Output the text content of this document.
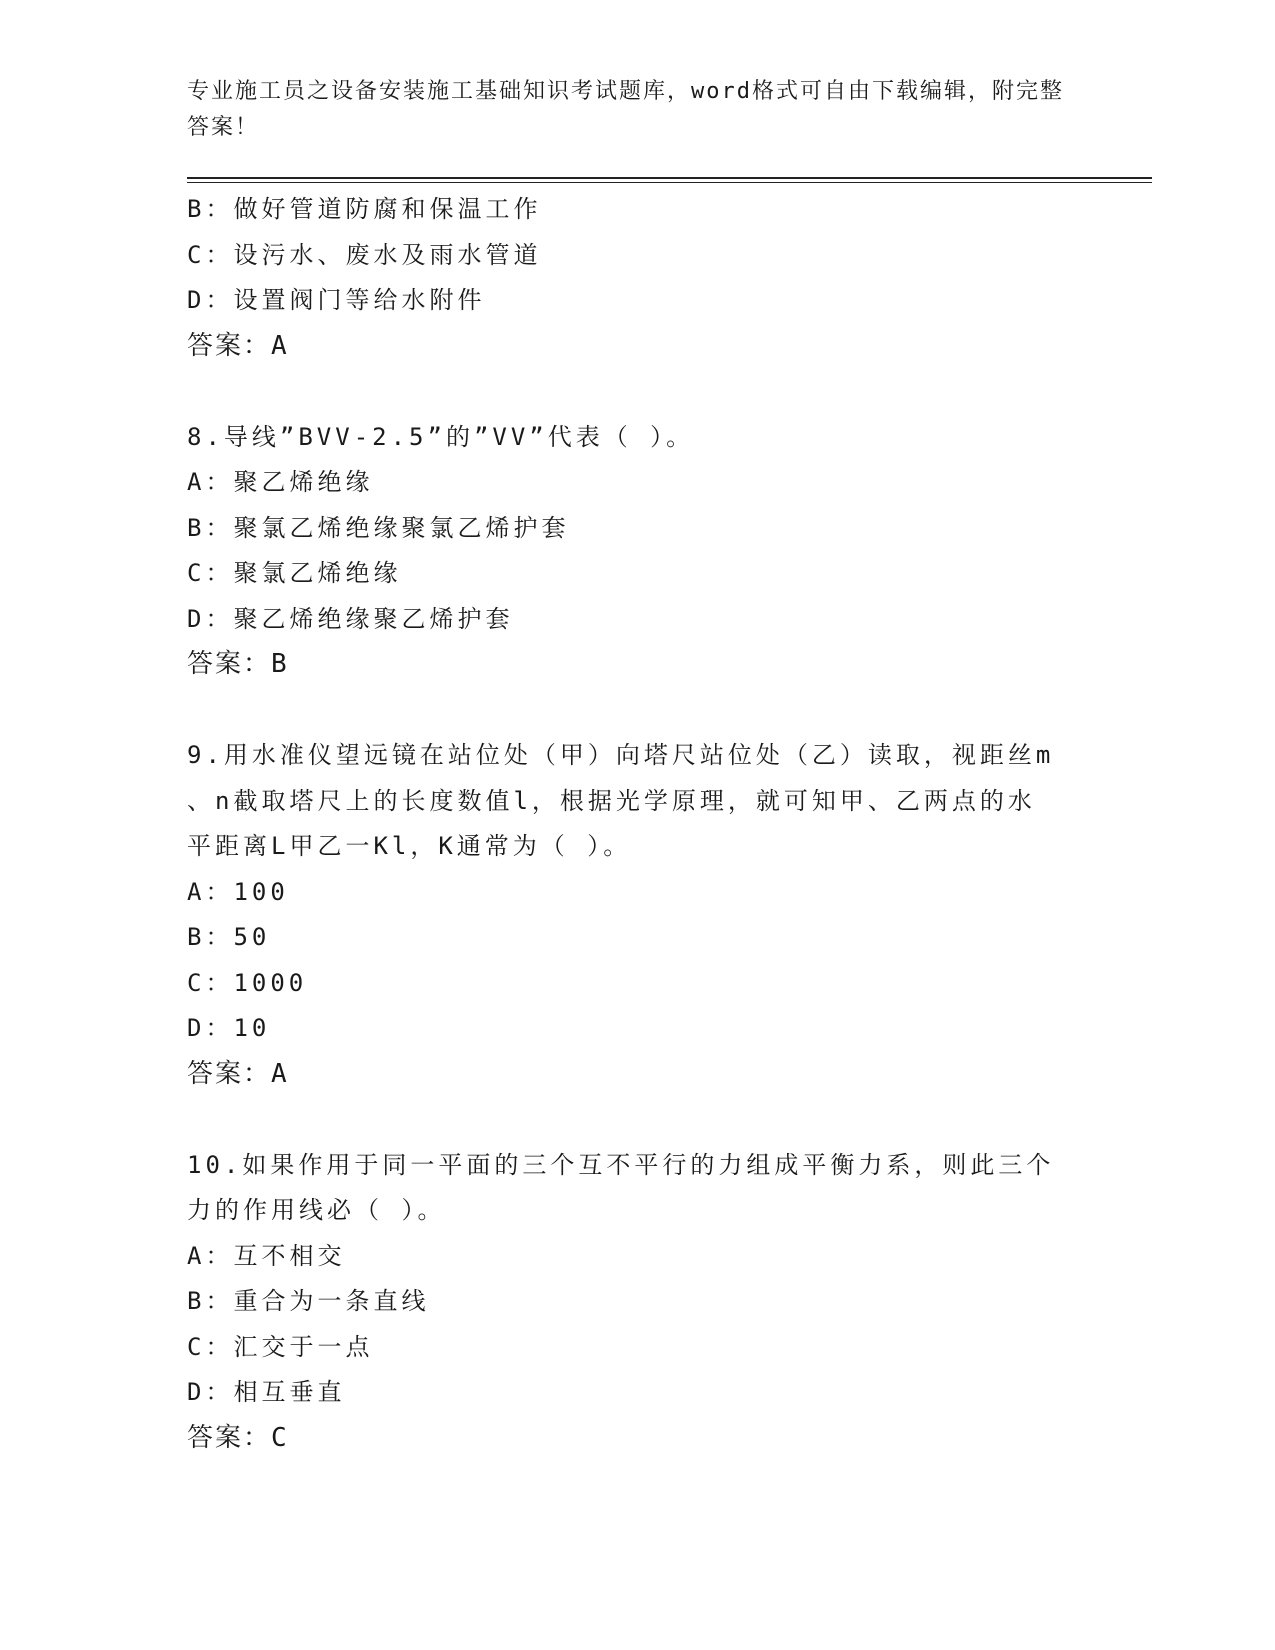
专业施工员之设备安装施工基础知识考试题库，word格式可自由下载编辑，附完整答案！
B：做好管道防腐和保温工作
C：设污水、废水及雨水管道
D：设置阀门等给水附件
答案：A
8.导线”BVV-2.5”的”VV”代表（ ）。
A：聚乙烯绝缘
B：聚氯乙烯绝缘聚氯乙烯护套
C：聚氯乙烯绝缘
D：聚乙烯绝缘聚乙烯护套
答案：B
9.用水准仪望远镜在站位处（甲）向塔尺站位处（乙）读取，视距丝m
、n截取塔尺上的长度数值l，根据光学原理，就可知甲、乙两点的水
平距离L甲乙一Kl，K通常为（ ）。
A：100
B：50
C：1000
D：10
答案：A
10.如果作用于同一平面的三个互不平行的力组成平衡力系，则此三个
力的作用线必（ ）。
A：互不相交
B：重合为一条直线
C：汇交于一点
D：相互垂直
答案：C
